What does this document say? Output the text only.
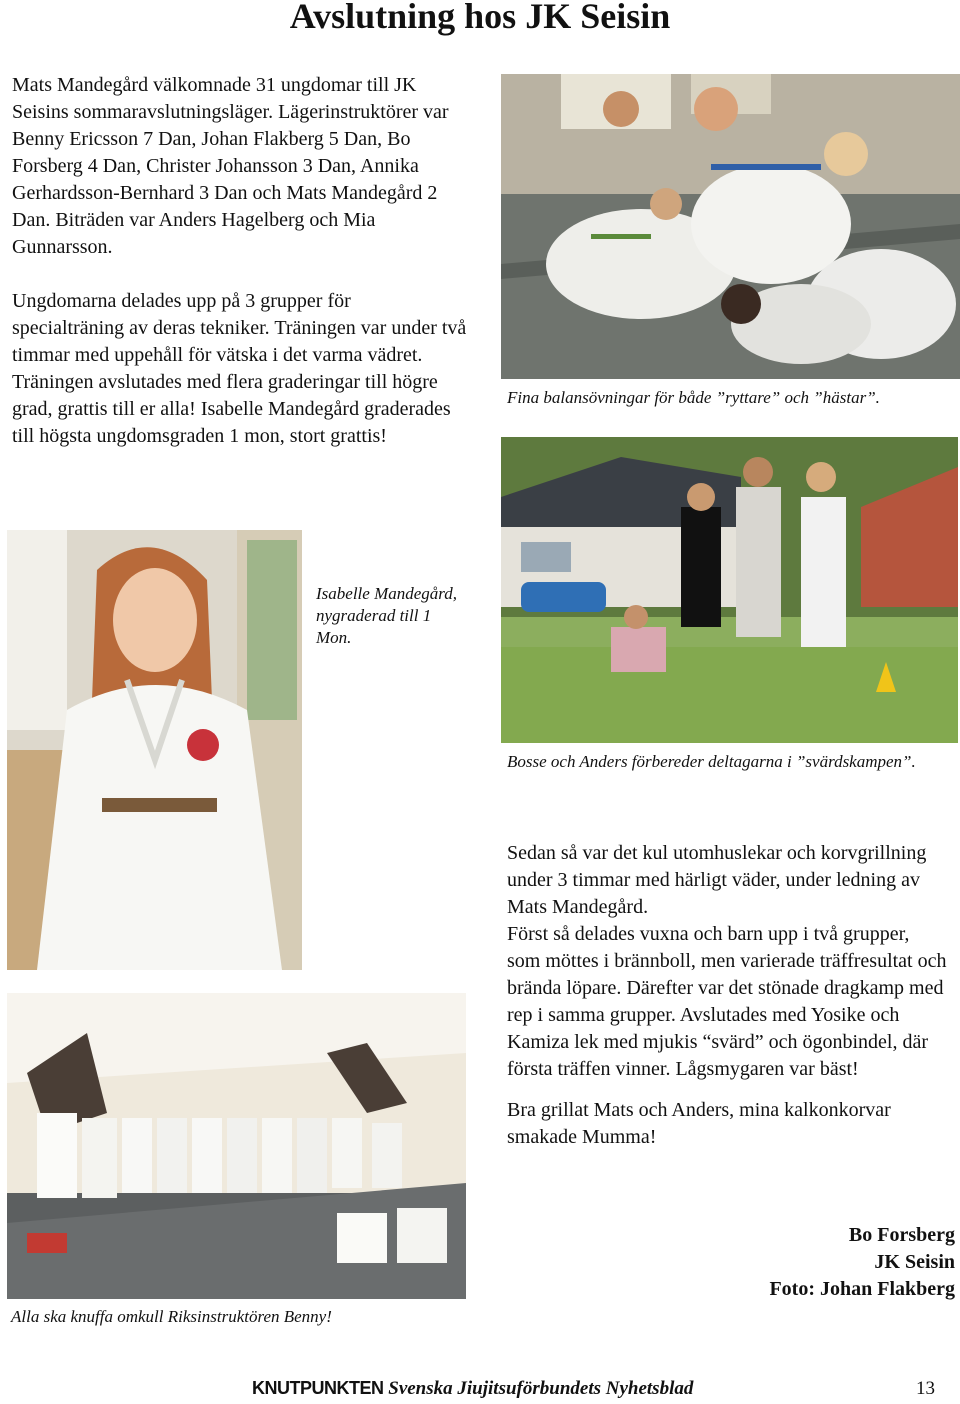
Avslutning hos JK Seisin

Mats Mandegård välkomnade 31 ungdomar till JK Seisins sommaravslutningsläger. Lägerinstruktörer var Benny Ericsson 7 Dan, Johan Flakberg 5 Dan, Bo Forsberg 4 Dan, Christer Johansson 3 Dan, Annika Gerhardsson-Bernhard 3 Dan och Mats Mandegård 2 Dan. Biträden var Anders Hagelberg och Mia Gunnarsson.

Ungdomarna delades upp på 3 grupper för specialträning av deras tekniker. Träningen var under två timmar med uppehåll för vätska i det varma vädret. Träningen avslutades med flera graderingar till högre grad, grattis till er alla! Isabelle Mandegård graderades till högsta ungdomsgraden 1 mon, stort grattis!

Fina balansövningar för både ”ryttare” och ”hästar”.
Bosse och Anders förbereder deltagarna i ”svärdskampen”.
Isabelle Mandegård, nygraderad till 1 Mon.
Alla ska knuffa omkull Riksinstruktören Benny!

Sedan så var det kul utomhuslekar och korvgrillning under 3 timmar med härligt väder, under ledning av Mats Mandegård.

Först så delades vuxna och barn upp i två grupper, som möttes i brännboll, men varierade träffresultat och brända löpare. Därefter var det stönade dragkamp med rep i samma grupper. Avslutades med Yosike och Kamiza lek med mjukis “svärd” och ögonbindel, där första träffen vinner. Lågsmygaren var bäst!

Bra grillat Mats och Anders, mina kalkonkorvar smakade Mumma!

Bo Forsberg
JK Seisin
Foto: Johan Flakberg
KNUTPUNKTEN Svenska Jiujitsuförbundets Nyhetsblad	13
